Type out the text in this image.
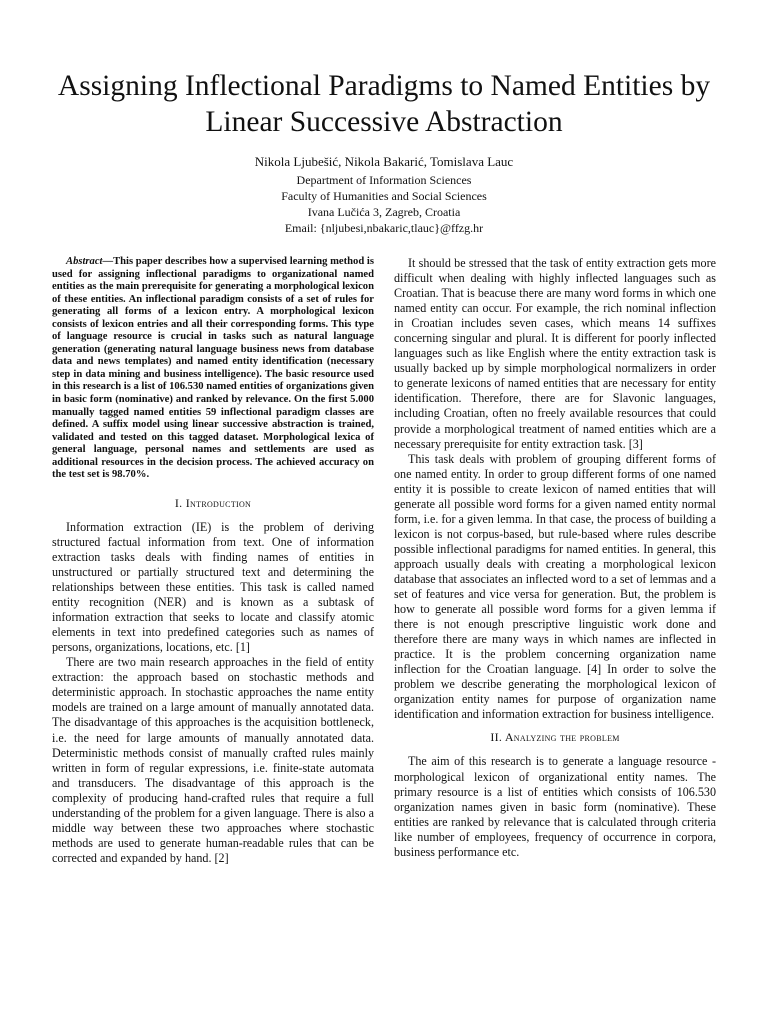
Assigning Inflectional Paradigms to Named Entities by Linear Successive Abstraction
Nikola Ljubešić, Nikola Bakarić, Tomislava Lauc
Department of Information Sciences
Faculty of Humanities and Social Sciences
Ivana Lučića 3, Zagreb, Croatia
Email: {nljubesi,nbakaric,tlauc}@ffzg.hr

Abstract—This paper describes how a supervised learning method is used for assigning inflectional paradigms to organizational named entities as the main prerequisite for generating a morphological lexicon of these entities. An inflectional paradigm consists of a set of rules for generating all forms of a lexicon entry. A morphological lexicon consists of lexicon entries and all their corresponding forms. This type of language resource is crucial in tasks such as natural language generation (generating natural language business news from database data and news templates) and named entity identification (necessary step in data mining and business intelligence). The basic resource used in this research is a list of 106.530 named entities of organizations given in basic form (nominative) and ranked by relevance. On the first 5.000 manually tagged named entities 59 inflectional paradigm classes are defined. A suffix model using linear successive abstraction is trained, validated and tested on this tagged dataset. Morphological lexica of general language, personal names and settlements are used as additional resources in the decision process. The achieved accuracy on the test set is 98.70%.

I. Introduction

Information extraction (IE) is the problem of deriving structured factual information from text. One of information extraction tasks deals with finding names of entities in unstructured or partially structured text and determining the relationships between these entities. This task is called named entity recognition (NER) and is known as a subtask of information extraction that seeks to locate and classify atomic elements in text into predefined categories such as names of persons, organizations, locations, etc. [1]

There are two main research approaches in the field of entity extraction: the approach based on stochastic methods and deterministic approach. In stochastic approaches the name entity models are trained on a large amount of manually annotated data. The disadvantage of this approaches is the acquisition bottleneck, i.e. the need for large amounts of manually annotated data. Deterministic methods consist of manually crafted rules mainly written in form of regular expressions, i.e. finite-state automata and transducers. The disadvantage of this approach is the complexity of producing hand-crafted rules that require a full understanding of the problem for a given language. There is also a middle way between these two approaches where stochastic methods are used to generate human-readable rules that can be corrected and expanded by hand. [2]

It should be stressed that the task of entity extraction gets more difficult when dealing with highly inflected languages such as Croatian. That is beacuse there are many word forms in which one named entity can occur. For example, the rich nominal inflection in Croatian includes seven cases, which means 14 suffixes concerning singular and plural. It is different for poorly inflected languages such as like English where the entity extraction task is usually backed up by simple morphological normalizers in order to generate lexicons of named entities that are necessary for entity identification. Therefore, there are for Slavonic languages, including Croatian, often no freely available resources that could provide a morphological treatment of named entities which are a necessary prerequisite for entity extraction task. [3]

This task deals with problem of grouping different forms of one named entity. In order to group different forms of one named entity it is possible to create lexicon of named entities that will generate all possible word forms for a given named entity normal form, i.e. for a given lemma. In that case, the process of building a lexicon is not corpus-based, but rule-based where rules describe possible inflectional paradigms for named entities. In general, this approach usually deals with creating a morphological lexicon database that associates an inflected word to a set of lemmas and a set of features and vice versa for generation. But, the problem is how to generate all possible word forms for a given lemma if there is not enough prescriptive linguistic work done and therefore there are many ways in which names are inflected in practice. It is the problem concerning organization name inflection for the Croatian language. [4] In order to solve the problem we describe generating the morphological lexicon of organization entity names for purpose of organization name identification and information extraction for business intelligence.

II. Analyzing the problem

The aim of this research is to generate a language resource - morphological lexicon of organizational entity names. The primary resource is a list of entities which consists of 106.530 organization names given in basic form (nominative). These entities are ranked by relevance that is calculated through criteria like number of employees, frequency of occurrence in corpora, business performance etc.
